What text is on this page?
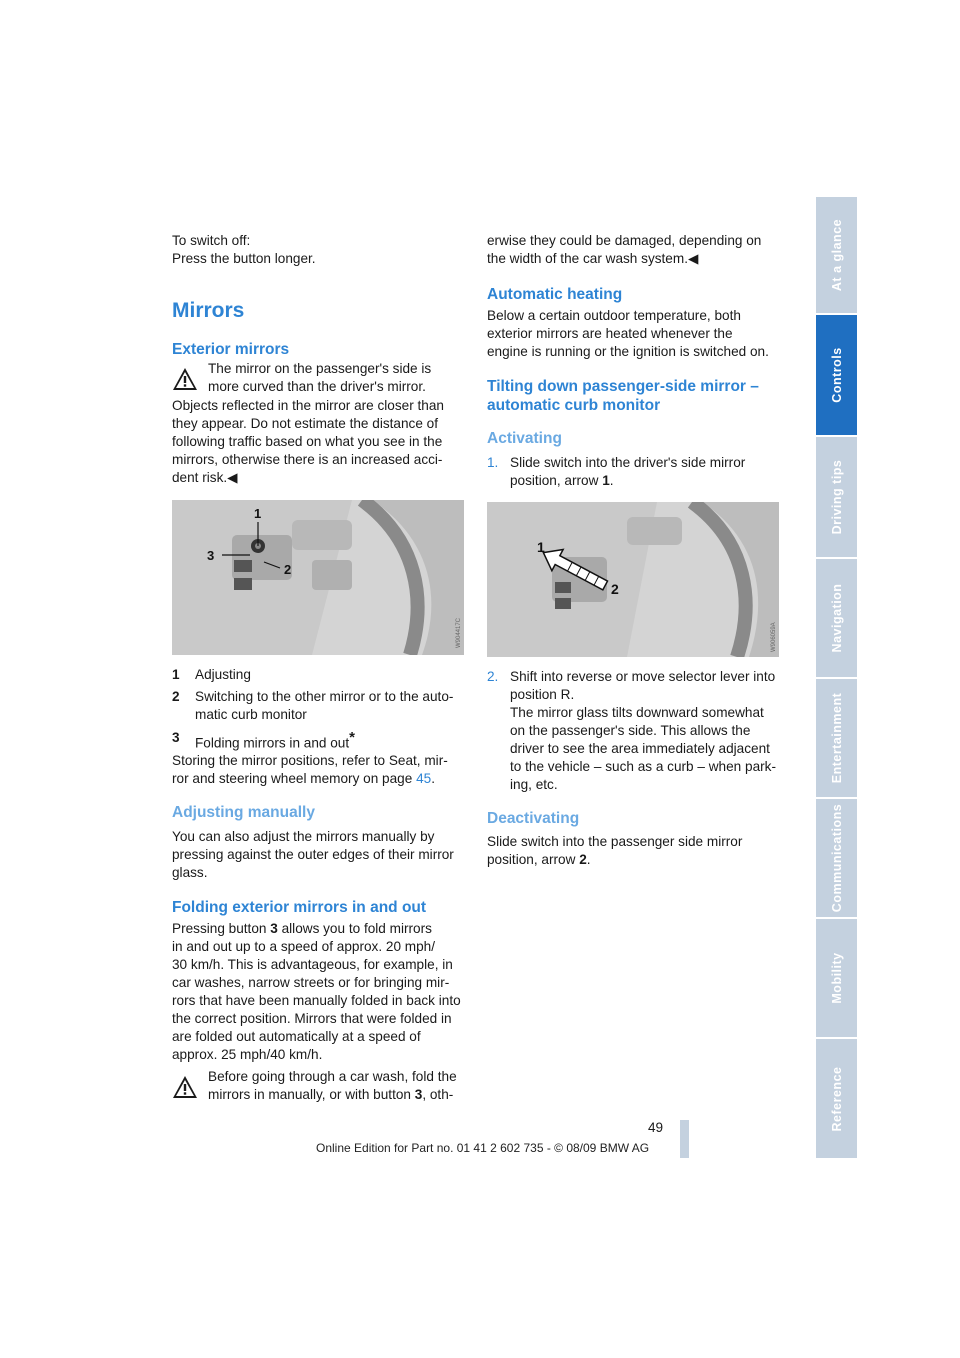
To switch off:

Press the button longer.

Mirrors
Exterior mirrors

The mirror on the passenger's side is

more curved than the driver's mirror.

Objects reflected in the mirror are closer than

they appear. Do not estimate the distance of

following traffic based on what you see in the

mirrors, otherwise there is an increased acci-

dent risk.◀

1
2
3
W904417C
1 Adjusting
2 Switching to the other mirror or to the auto-
matic curb monitor
3 Folding mirrors in and out*

Storing the mirror positions, refer to Seat, mir-

ror and steering wheel memory on page 45.

Adjusting manually

You can also adjust the mirrors manually by

pressing against the outer edges of their mirror

glass.

Folding exterior mirrors in and out

Pressing button 3 allows you to fold mirrors

in and out up to a speed of approx. 20 mph/

30 km/h. This is advantageous, for example, in

car washes, narrow streets or for bringing mir-

rors that have been manually folded in back into

the correct position. Mirrors that were folded in

are folded out automatically at a speed of

approx. 25 mph/40 km/h.

Before going through a car wash, fold the

mirrors in manually, or with button 3, oth-

erwise they could be damaged, depending on

the width of the car wash system.◀

Automatic heating

Below a certain outdoor temperature, both

exterior mirrors are heated whenever the

engine is running or the ignition is switched on.

Tilting down passenger-side mirror –
automatic curb monitor
Activating

1. Slide switch into the driver's side mirror

position, arrow 1.

1
2
W906059A

2. Shift into reverse or move selector lever into

position R.

The mirror glass tilts downward somewhat

on the passenger's side. This allows the

driver to see the area immediately adjacent

to the vehicle – such as a curb – when park-

ing, etc.

Deactivating

Slide switch into the passenger side mirror

position, arrow 2.

At a glance
Controls
Driving tips
Navigation
Entertainment
Communications
Mobility
Reference
49
Online Edition for Part no. 01 41 2 602 735 - © 08/09 BMW AG
